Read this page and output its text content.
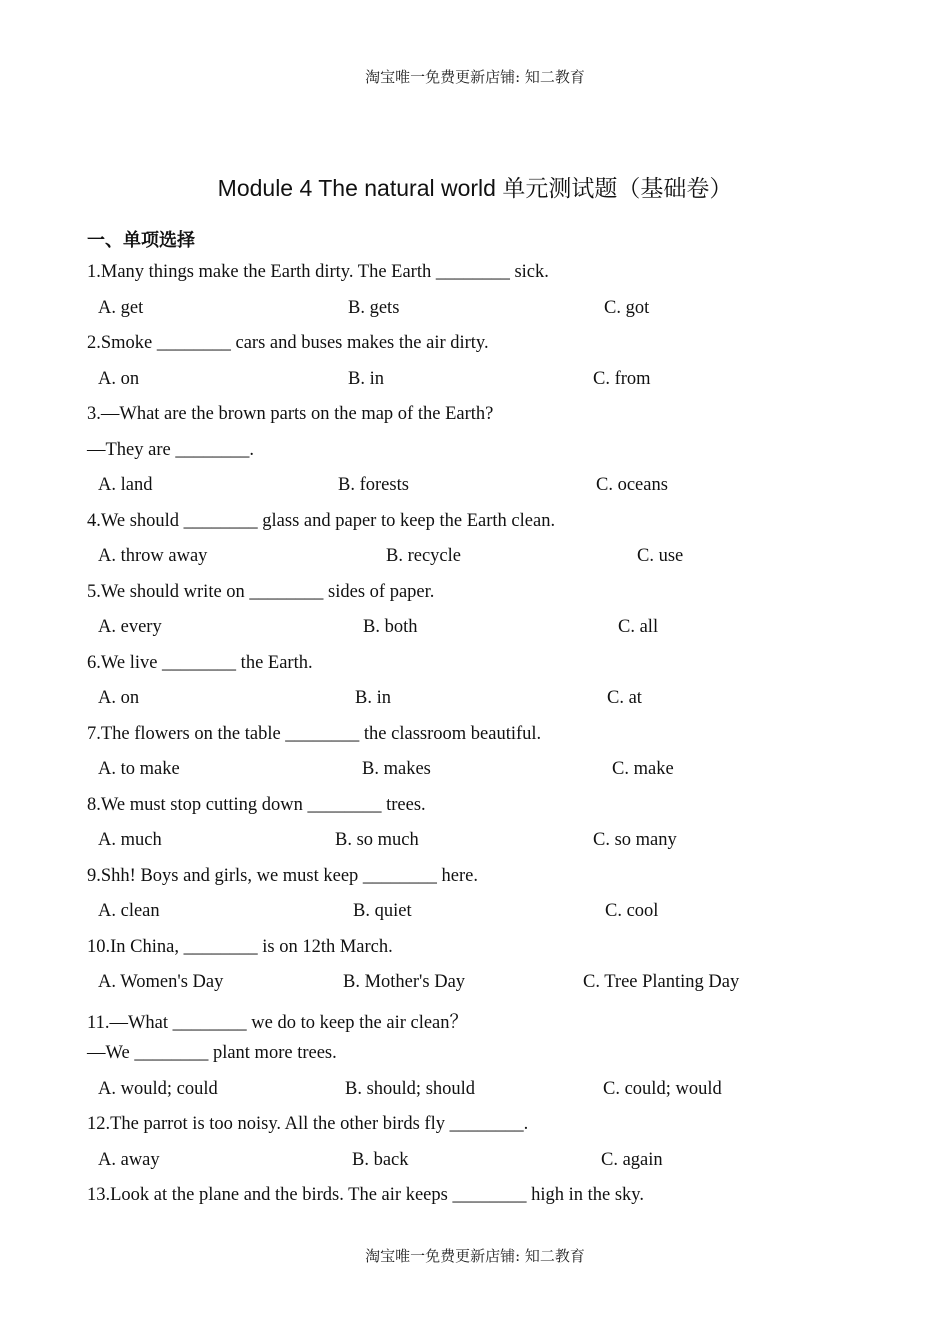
淘宝唯一免费更新店铺: 知二教育
Module 4 The natural world 单元测试题（基础卷）
一、单项选择
1.Many things make the Earth dirty. The Earth ________ sick.
A. get	B. gets	C. got
2.Smoke ________ cars and buses makes the air dirty.
A. on	B. in	C. from
3.—What are the brown parts on the map of the Earth?
—They are ________.
A. land	B. forests	C. oceans
4.We should ________ glass and paper to keep the Earth clean.
A. throw away	B. recycle	C. use
5.We should write on ________ sides of paper.
A. every	B. both	C. all
6.We live ________ the Earth.
A. on	B. in	C. at
7.The flowers on the table ________ the classroom beautiful.
A. to make	B. makes	C. make
8.We must stop cutting down ________ trees.
A. much	B. so much	C. so many
9.Shh! Boys and girls, we must keep ________ here.
A. clean	B. quiet	C. cool
10.In China, ________ is on 12th March.
A. Women's Day	B. Mother's Day	C. Tree Planting Day
11.—What ________ we do to keep the air clean？
—We ________ plant more trees.
A. would; could	B. should; should	C. could; would
12.The parrot is too noisy. All the other birds fly ________.
A. away	B. back	C. again
13.Look at the plane and the birds. The air keeps ________ high in the sky.
淘宝唯一免费更新店铺: 知二教育
